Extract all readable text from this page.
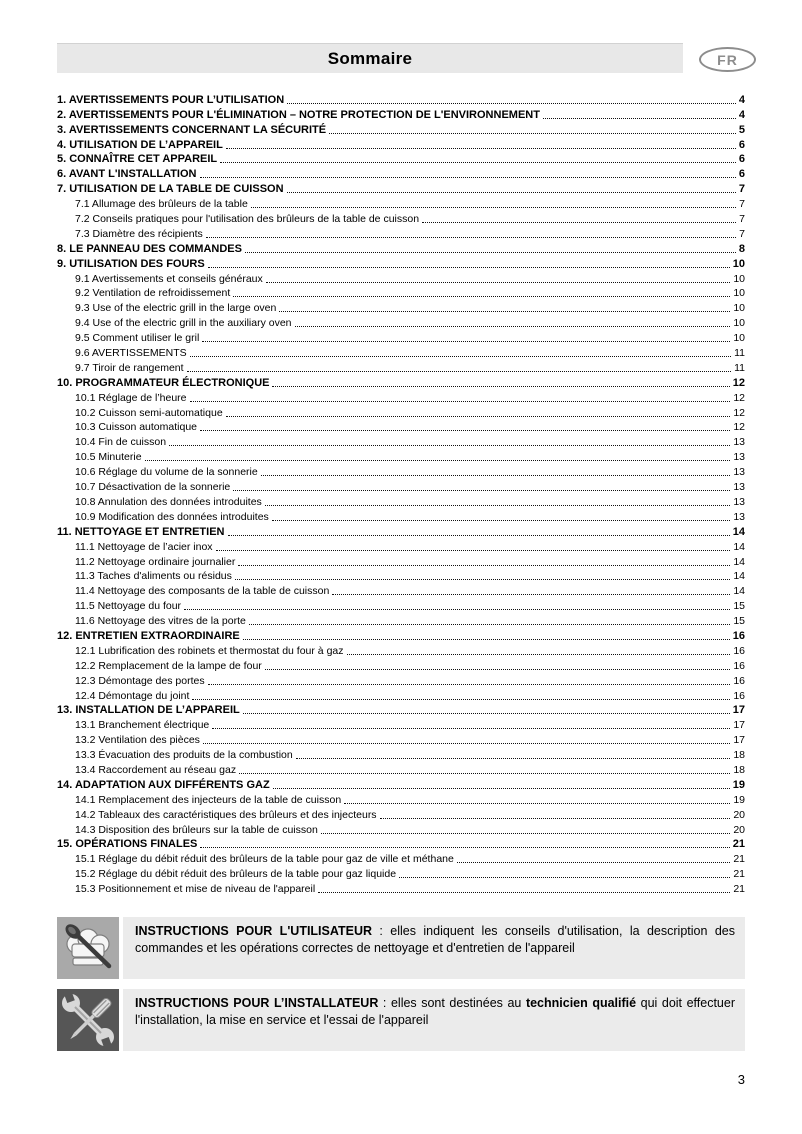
Sommaire	FR
1. AVERTISSEMENTS POUR L’UTILISATION	4
2. AVERTISSEMENTS POUR L'ÉLIMINATION – NOTRE PROTECTION DE L'ENVIRONNEMENT	4
3. AVERTISSEMENTS CONCERNANT LA SÉCURITÉ	5
4. UTILISATION DE L’APPAREIL	6
5. CONNAÎTRE CET APPAREIL	6
6. AVANT L'INSTALLATION	6
7. UTILISATION DE LA TABLE DE CUISSON	7
7.1 Allumage des brûleurs de la table	7
7.2 Conseils pratiques pour l'utilisation des brûleurs de la table de cuisson	7
7.3 Diamètre des récipients	7
8. LE PANNEAU DES COMMANDES	8
9. UTILISATION DES FOURS	10
9.1 Avertissements et conseils généraux	10
9.2 Ventilation de refroidissement	10
9.3 Use of the electric grill in the large oven	10
9.4 Use of the electric grill in the auxiliary oven	10
9.5 Comment utiliser le gril	10
9.6 AVERTISSEMENTS	11
9.7 Tiroir de rangement	11
10. PROGRAMMATEUR ÉLECTRONIQUE	12
10.1 Réglage de l’heure	12
10.2 Cuisson semi-automatique	12
10.3 Cuisson automatique	12
10.4 Fin de cuisson	13
10.5 Minuterie	13
10.6 Réglage du volume de la sonnerie	13
10.7 Désactivation de la sonnerie	13
10.8 Annulation des données introduites	13
10.9 Modification des données introduites	13
11. NETTOYAGE ET ENTRETIEN	14
11.1 Nettoyage de l’acier inox	14
11.2 Nettoyage ordinaire journalier	14
11.3 Taches d'aliments ou résidus	14
11.4 Nettoyage des composants de la table de cuisson	14
11.5 Nettoyage du four	15
11.6 Nettoyage des vitres de la porte	15
12. ENTRETIEN EXTRAORDINAIRE	16
12.1 Lubrification des robinets et thermostat du four à gaz	16
12.2 Remplacement de la lampe de four	16
12.3 Démontage des portes	16
12.4 Démontage du joint	16
13. INSTALLATION DE L’APPAREIL	17
13.1 Branchement électrique	17
13.2 Ventilation des pièces	17
13.3 Évacuation des produits de la combustion	18
13.4 Raccordement au réseau gaz	18
14. ADAPTATION AUX DIFFÉRENTS GAZ	19
14.1 Remplacement des injecteurs de la table de cuisson	19
14.2 Tableaux des caractéristiques des brûleurs et des injecteurs	20
14.3 Disposition des brûleurs sur la table de cuisson	20
15. OPÉRATIONS FINALES	21
15.1 Réglage du débit réduit des brûleurs de la table pour gaz de ville et méthane	21
15.2 Réglage du débit réduit des brûleurs de la table pour gaz liquide	21
15.3 Positionnement et mise de niveau de l'appareil	21
INSTRUCTIONS POUR L'UTILISATEUR : elles indiquent les conseils d'utilisation, la description des commandes et les opérations correctes de nettoyage et d'entretien de l'appareil
INSTRUCTIONS POUR L’INSTALLATEUR : elles sont destinées au technicien qualifié qui doit effectuer l'installation, la mise en service et l'essai de l'appareil
3
